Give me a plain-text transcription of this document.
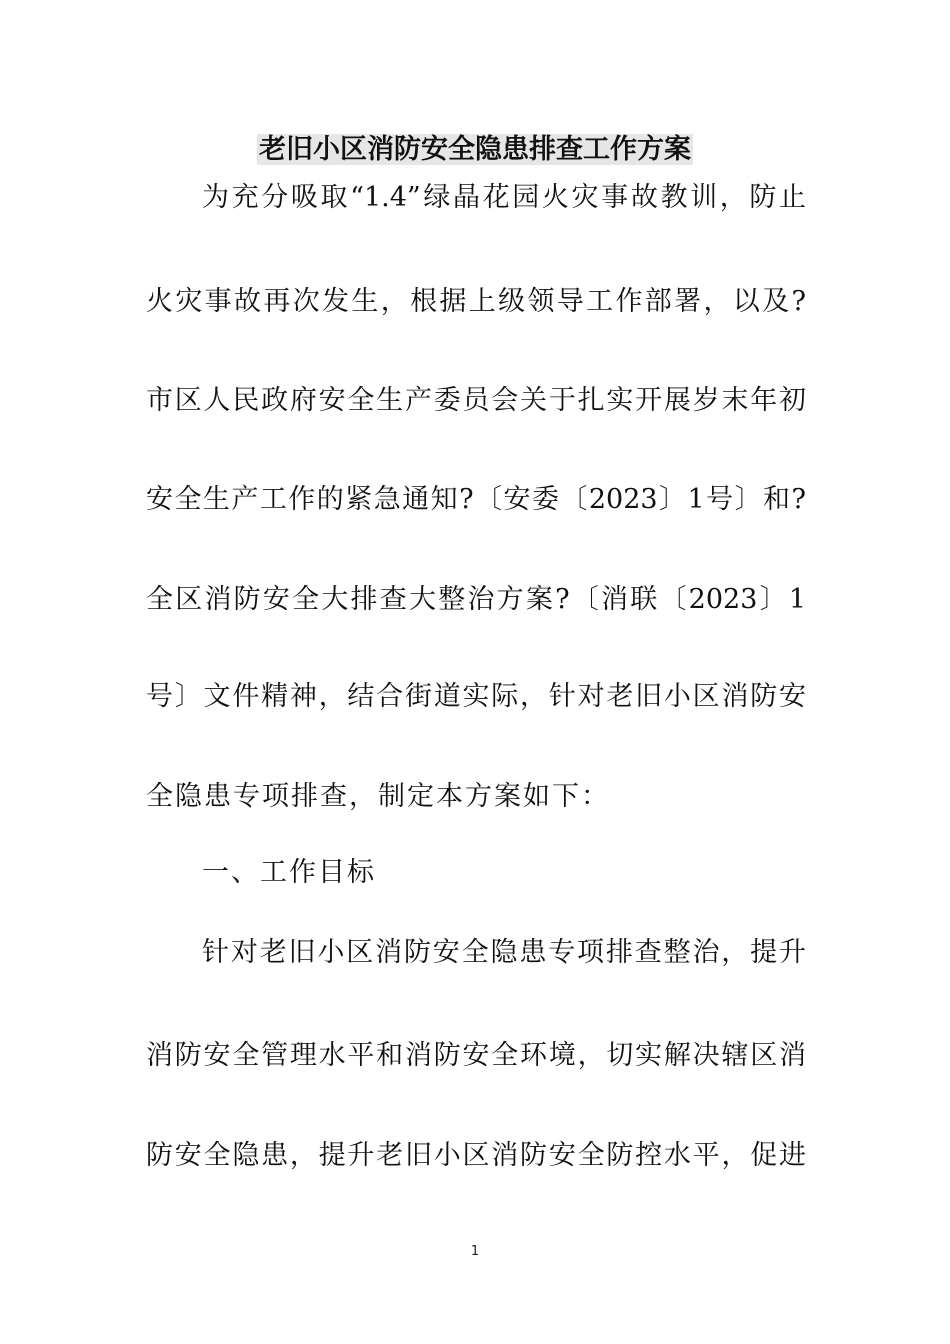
老旧小区消防安全隐患排查工作方案
为充分吸取“1.4”绿晶花园火灾事故教训，防止
火灾事故再次发生，根据上级领导工作部署，以及?
市区人民政府安全生产委员会关于扎实开展岁末年初
安全生产工作的紧急通知?〔安委〔2023〕1号〕和?
全区消防安全大排查大整治方案?〔消联〔2023〕1
号〕文件精神，结合街道实际，针对老旧小区消防安
全隐患专项排查，制定本方案如下：
一、工作目标
针对老旧小区消防安全隐患专项排查整治，提升
消防安全管理水平和消防安全环境，切实解决辖区消
防安全隐患，提升老旧小区消防安全防控水平，促进
1
